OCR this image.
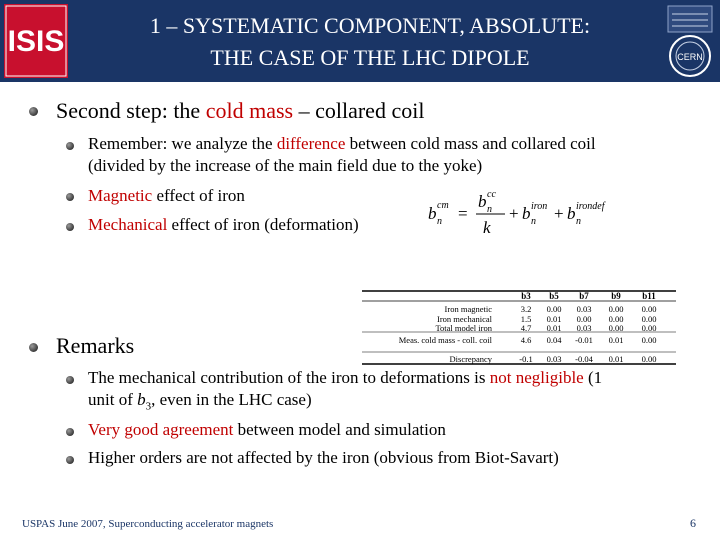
ISIS	1 – SYSTEMATIC COMPONENT, ABSOLUTE:
THE CASE OF THE LHC DIPOLE	CERN
Second step: the cold mass – collared coil
Remember: we analyze the difference between cold mass and collared coil
(divided by the increase of the main field due to the yoke)
Magnetic effect of iron
Mechanical effect of iron (deformation)
b n
cm =
b n
cc
k
+ b n
iron + b n
irondef
b3 b5 b7 b9 b11
Iron magnetic	3.2 0.00 0.03 0.00 0.00
Iron mechanical	1.5 0.01 0.00 0.00 0.00
Total model iron	4.7 0.01 0.03 0.00 0.00
Meas. cold mass - coll. coil	4.6 0.04 -0.01 0.01 0.00
Discrepancy	-0.1 0.03 -0.04 0.01 0.00
Remarks
The mechanical contribution of the iron to deformations is not negligible (1
unit of $b_3$, even in the LHC case)
Very good agreement between model and simulation
Higher orders are not affected by the iron (obvious from Biot-Savart)
USPAS June 2007, Superconducting accelerator magnets	6
